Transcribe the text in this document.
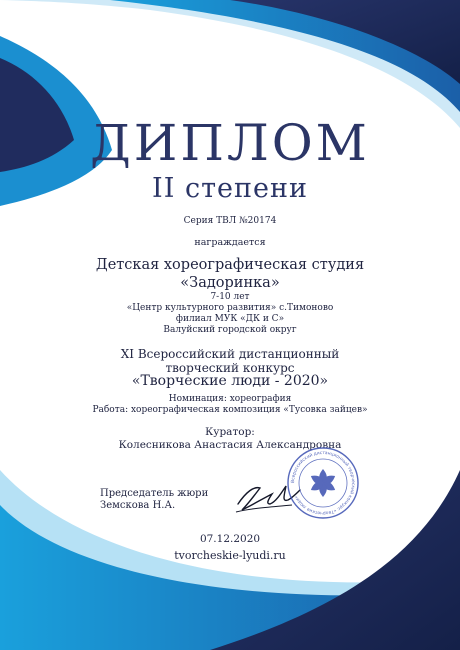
ДИПЛОМ
II степени
Серия ТВЛ №20174
награждается
Детская хореографическая студия
«Задоринка»
7-10 лет
«Центр культурного развития» с.Тимоново
филиал МУК «ДК и С»
Валуйский городской округ
XI Всероссийский дистанционный
творческий конкурс
«Творческие люди - 2020»
Номинация: хореография
Работа: хореографическая композиция «Тусовка зайцев»
Куратор:
Колесникова Анастасия Александровна
Председатель жюри
Земскова Н.А.
Всероссийский дистанционный творческий конкурс «Творческие люди»
07.12.2020
tvorcheskie-lyudi.ru
